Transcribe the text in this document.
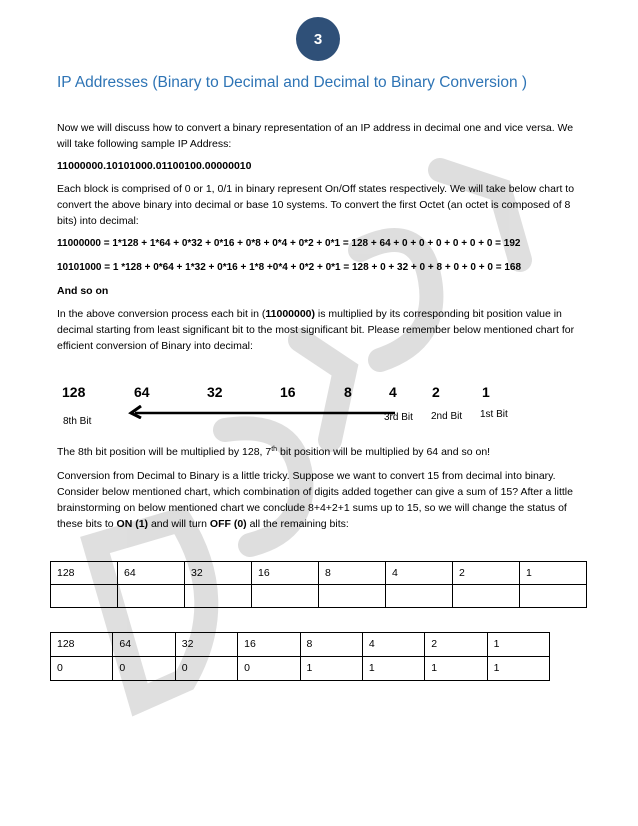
3
IP Addresses (Binary to Decimal and Decimal to Binary Conversion )

Now we will discuss how to convert a binary representation of an IP address in decimal one and vice versa. We will take following sample IP Address:

11000000.10101000.01100100.00000010

Each block is comprised of 0 or 1, 0/1 in binary represent On/Off states respectively. We will take below chart to convert the above binary into decimal or base 10 systems. To convert the first Octet (an octet is composed of 8 bits) into decimal:

11000000 = 1*128 + 1*64 + 0*32 + 0*16 + 0*8 + 0*4 + 0*2 + 0*1 = 128 + 64 + 0 + 0 + 0 + 0 + 0 + 0 = 192

10101000 = 1 *128 + 0*64 + 1*32 + 0*16 + 1*8 +0*4 + 0*2 + 0*1 = 128 + 0 + 32 + 0 + 8 + 0 + 0 + 0 = 168

And so on

In the above conversion process each bit in (11000000) is multiplied by its corresponding bit position value in decimal starting from least significant bit to the most significant bit. Please remember below mentioned chart for efficient conversion of Binary into decimal:

128	64	32	16	8	4	2	1
8th Bit	3rd Bit 2nd Bit 1st Bit

The 8th bit position will be multiplied by 128, 7th bit position will be multiplied by 64 and so on!

Conversion from Decimal to Binary is a little tricky. Suppose we want to convert 15 from decimal into binary. Consider below mentioned chart, which combination of digits added together can give a sum of 15? After a little brainstorming on below mentioned chart we conclude 8+4+2+1 sums up to 15, so we will change the status of these bits to ON (1) and will turn OFF (0) all the remaining bits:

128	64	32	16	8	4	2	1

128	64	32	16	8	4	2	1
0	0	0	0	1	1	1	1
